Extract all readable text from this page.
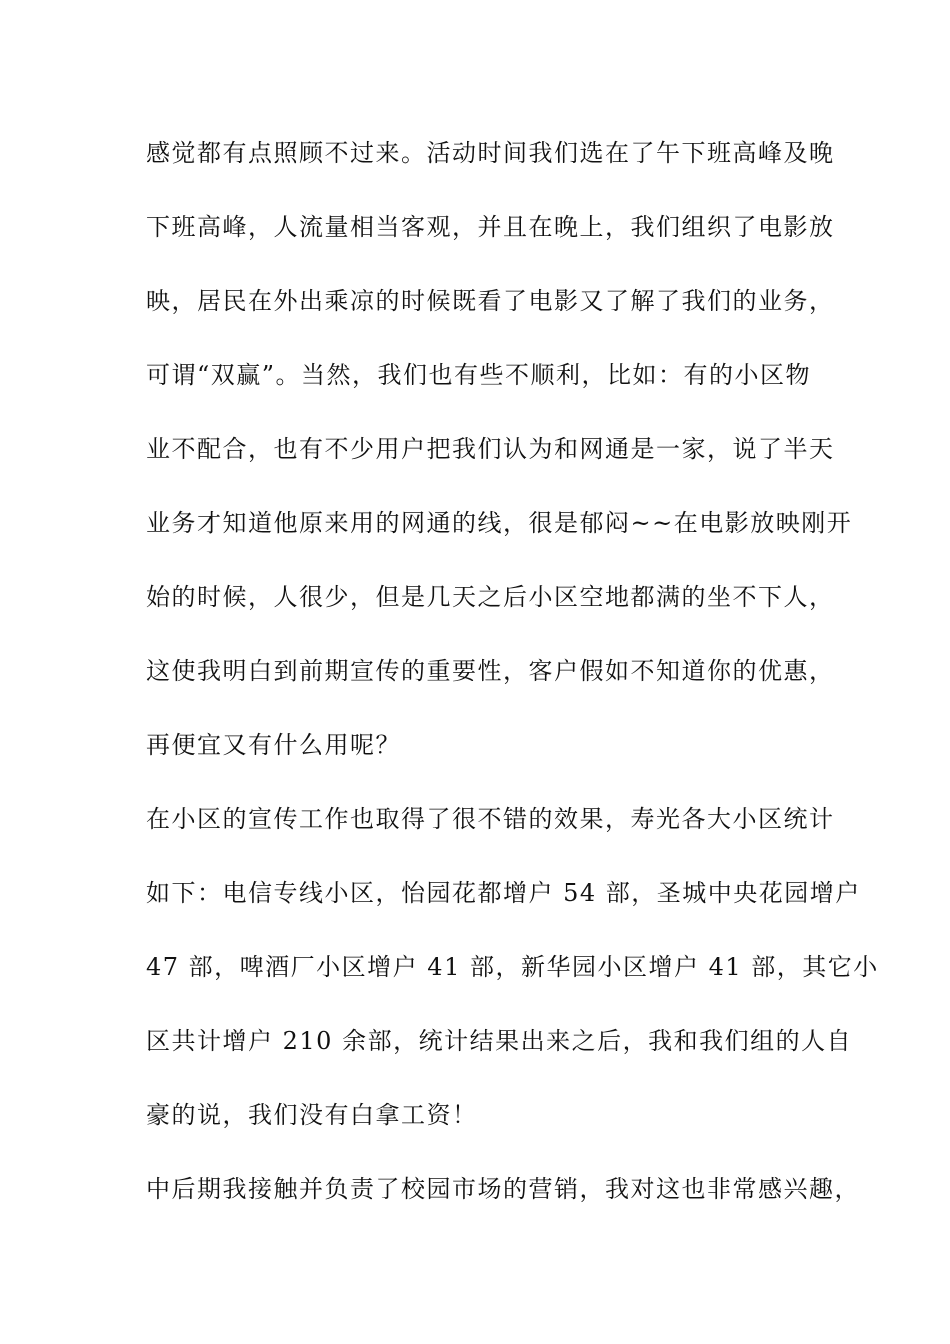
感觉都有点照顾不过来。活动时间我们选在了午下班高峰及晚
下班高峰，人流量相当客观，并且在晚上，我们组织了电影放
映，居民在外出乘凉的时候既看了电影又了解了我们的业务，
可谓“双赢”。当然，我们也有些不顺利，比如：有的小区物
业不配合，也有不少用户把我们认为和网通是一家，说了半天
业务才知道他原来用的网通的线，很是郁闷~~在电影放映刚开
始的时候，人很少，但是几天之后小区空地都满的坐不下人，
这使我明白到前期宣传的重要性，客户假如不知道你的优惠，
再便宜又有什么用呢？
在小区的宣传工作也取得了很不错的效果，寿光各大小区统计
如下：电信专线小区，怡园花都增户 54 部，圣城中央花园增户
47 部，啤酒厂小区增户 41 部，新华园小区增户 41 部，其它小
区共计增户 210 余部，统计结果出来之后，我和我们组的人自
豪的说，我们没有白拿工资！
中后期我接触并负责了校园市场的营销，我对这也非常感兴趣，
